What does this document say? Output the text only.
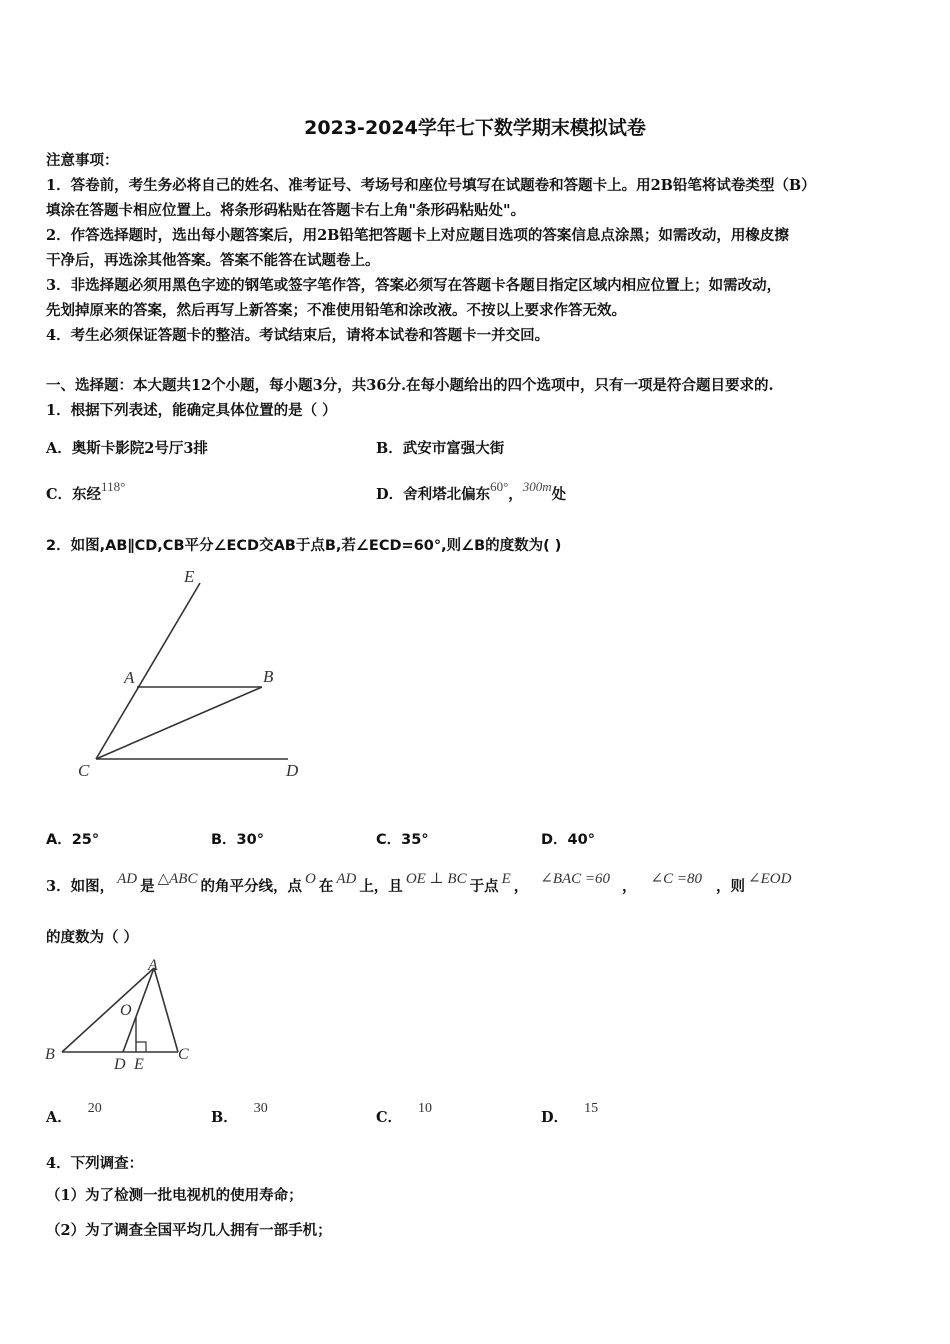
2023-2024学年七下数学期末模拟试卷
注意事项：
1．答卷前，考生务必将自己的姓名、准考证号、考场号和座位号填写在试题卷和答题卡上。用2B铅笔将试卷类型（B）
填涂在答题卡相应位置上。将条形码粘贴在答题卡右上角"条形码粘贴处"。
2．作答选择题时，选出每小题答案后，用2B铅笔把答题卡上对应题目选项的答案信息点涂黑；如需改动，用橡皮擦
干净后，再选涂其他答案。答案不能答在试题卷上。
3．非选择题必须用黑色字迹的钢笔或签字笔作答，答案必须写在答题卡各题目指定区域内相应位置上；如需改动，
先划掉原来的答案，然后再写上新答案；不准使用铅笔和涂改液。不按以上要求作答无效。
4．考生必须保证答题卡的整洁。考试结束后，请将本试卷和答题卡一并交回。
一、选择题：本大题共12个小题，每小题3分，共36分.在每小题给出的四个选项中，只有一项是符合题目要求的.
1．根据下列表述，能确定具体位置的是（ ）
A．奥斯卡影院2号厅3排	B．武安市富强大街
C．东经118°	D．舍利塔北偏东60°，300m处
2．如图,AB∥CD,CB平分∠ECD交AB于点B,若∠ECD=60°,则∠B的度数为( )
E
A	B
C	D
A．25°	B．30°	C．35°	D．40°
3．如图， AD 是 △ABC 的角平分线，点 O 在 AD 上，且 OE ⊥ BC 于点 E ， ∠BAC =60 ， ∠C =80 ，则 ∠EOD
的度数为（ ）
A
O
B
D E
C
A．20
B．30
C．10
D．15
4．下列调查：
（1）为了检测一批电视机的使用寿命；
（2）为了调查全国平均几人拥有一部手机；
